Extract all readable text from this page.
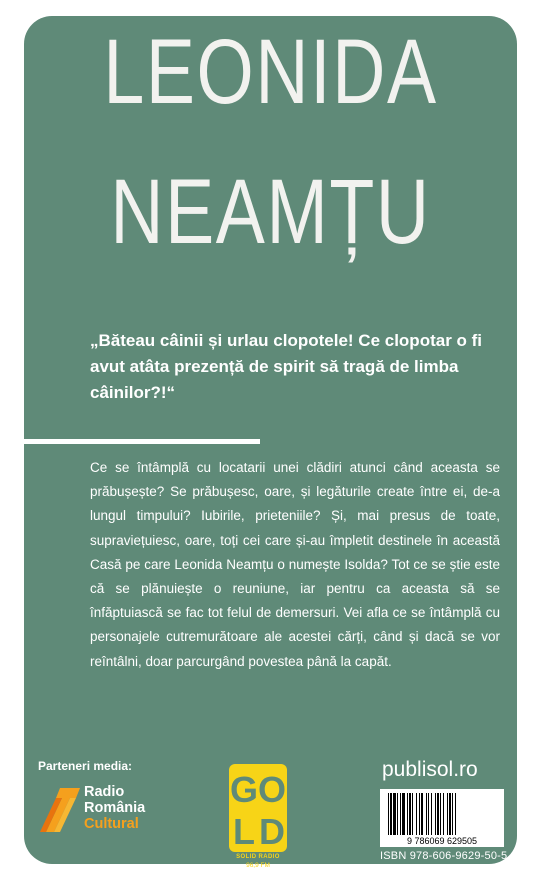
LEONIDA
NEAMȚU
„Băteau câinii și urlau clopotele! Ce clopotar o fi avut atâta prezență de spirit să tragă de limba câinilor?!“
Ce se întâmplă cu locatarii unei clădiri atunci când aceasta se prăbușește? Se prăbușesc, oare, și legăturile create între ei, de-a lungul timpului? Iubirile, prieteniile? Și, mai presus de toate, supraviețuiesc, oare, toți cei care și-au împletit destinele în această Casă pe care Leonida Neamțu o numește Isolda? Tot ce se știe este că se plănuiește o reuniune, iar pentru ca aceasta să se înfăptuiască se fac tot felul de demersuri. Vei afla ce se întâmplă cu personajele cutremurătoare ale acestei cărți, când și dacă se vor reîntâlni, doar parcurgând povestea până la capăt.
Parteneri media:
Radio
România
Cultural
G O
L D
SOLID RADIO
96,9 FM
publisol.ro
9 786069 629505
ISBN 978-606-9629-50-5
